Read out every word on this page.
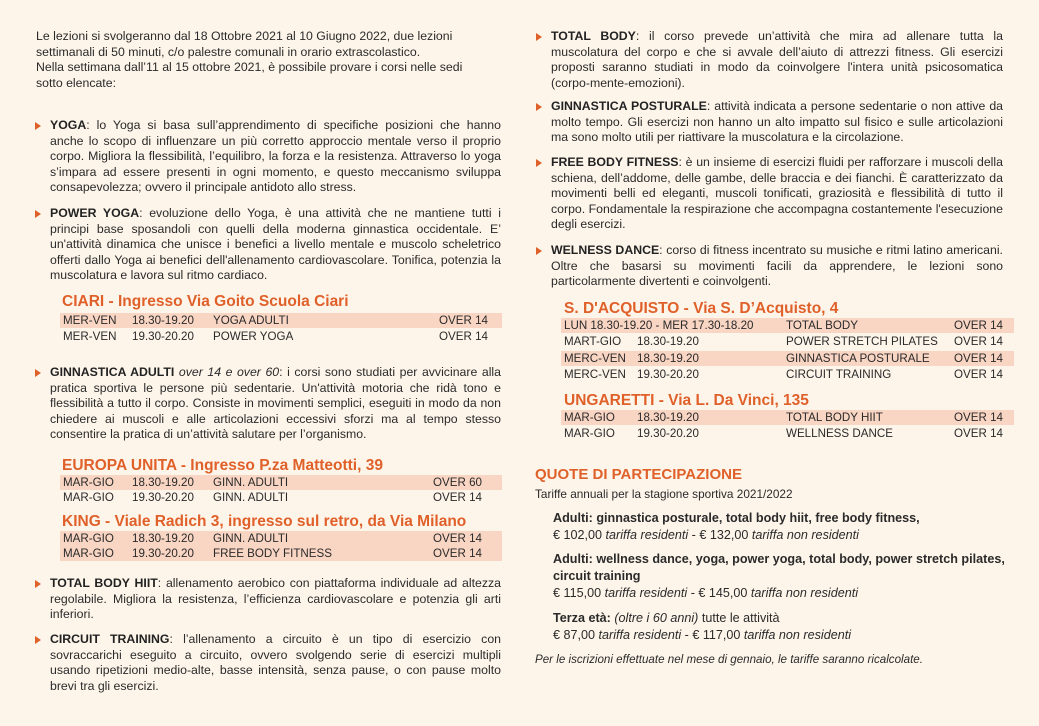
Le lezioni si svolgeranno dal 18 Ottobre 2021 al 10 Giugno 2022, due lezioni

settimanali di 50 minuti, c/o palestre comunali in orario extrascolastico.

Nella settimana dall’11 al 15 ottobre 2021, è possibile provare i corsi nelle sedi

sotto elencate:

YOGA: lo Yoga si basa sull’apprendimento di specifiche posizioni che hanno anche lo scopo di influenzare un più corretto approccio mentale verso il proprio corpo. Migliora la flessibilità, l’equilibro, la forza e la resistenza. Attraverso lo yoga s’impara ad essere presenti in ogni momento, e questo meccanismo sviluppa consapevolezza; ovvero il principale antidoto allo stress.

POWER YOGA: evoluzione dello Yoga, è una attività che ne mantiene tutti i principi base sposandoli con quelli della moderna ginnastica occidentale. E’ un'attività dinamica che unisce i benefici a livello mentale e muscolo scheletrico offerti dallo Yoga ai benefici dell'allenamento cardiovascolare. Tonifica, potenzia la muscolatura e lavora sul ritmo cardiaco.

CIARI - Ingresso Via Goito Scuola Ciari
MER-VEN 18.30-19.20 YOGA ADULTI	OVER 14
MER-VEN 19.30-20.20 POWER YOGA	OVER 14

GINNASTICA ADULTI over 14 e over 60: i corsi sono studiati per avvicinare alla pratica sportiva le persone più sedentarie. Un'attività motoria che ridà tono e flessibilità a tutto il corpo. Consiste in movimenti semplici, eseguiti in modo da non chiedere ai muscoli e alle articolazioni eccessivi sforzi ma al tempo stesso consentire la pratica di un’attività salutare per l’organismo.

EUROPA UNITA - Ingresso P.za Matteotti, 39
MAR-GIO 18.30-19.20 GINN. ADULTI	OVER 60
MAR-GIO 19.30-20.20 GINN. ADULTI	OVER 14
KING - Viale Radich 3, ingresso sul retro, da Via Milano
MAR-GIO 18.30-19.20 GINN. ADULTI	OVER 14
MAR-GIO 19.30-20.20 FREE BODY FITNESS	OVER 14

TOTAL BODY HIIT: allenamento aerobico con piattaforma individuale ad altezza regolabile. Migliora la resistenza, l’efficienza cardiovascolare e potenzia gli arti inferiori.

CIRCUIT TRAINING: l’allenamento a circuito è un tipo di esercizio con sovraccarichi eseguito a circuito, ovvero svolgendo serie di esercizi multipli usando ripetizioni medio-alte, basse intensità, senza pause, o con pause molto brevi tra gli esercizi.

TOTAL BODY: il corso prevede un’attività che mira ad allenare tutta la muscolatura del corpo e che si avvale dell’aiuto di attrezzi fitness. Gli esercizi proposti saranno studiati in modo da coinvolgere l'intera unità psicosomatica (corpo-mente-emozioni).

GINNASTICA POSTURALE: attività indicata a persone sedentarie o non attive da molto tempo. Gli esercizi non hanno un alto impatto sul fisico e sulle articolazioni ma sono molto utili per riattivare la muscolatura e la circolazione.

FREE BODY FITNESS: è un insieme di esercizi fluidi per rafforzare i muscoli della schiena, dell’addome, delle gambe, delle braccia e dei fianchi. È caratterizzato da movimenti belli ed eleganti, muscoli tonificati, graziosità e flessibilità di tutto il corpo. Fondamentale la respirazione che accompagna costantemente l'esecuzione degli esercizi.

WELNESS DANCE: corso di fitness incentrato su musiche e ritmi latino americani. Oltre che basarsi su movimenti facili da apprendere, le lezioni sono particolarmente divertenti e coinvolgenti.

S. D'ACQUISTO - Via S. D’Acquisto, 4
LUN 18.30-19.20 - MER 17.30-18.20	TOTAL BODY	OVER 14
MART-GIO 18.30-19.20	POWER STRETCH PILATES OVER 14
MERC-VEN 18.30-19.20	GINNASTICA POSTURALE OVER 14
MERC-VEN 19.30-20.20	CIRCUIT TRAINING	OVER 14
UNGARETTI - Via L. Da Vinci, 135
MAR-GIO 18.30-19.20	TOTAL BODY HIIT	OVER 14
MAR-GIO 19.30-20.20	WELLNESS DANCE	OVER 14
QUOTE DI PARTECIPAZIONE
Tariffe annuali per la stagione sportiva 2021/2022

Adulti: ginnastica posturale, total body hiit, free body fitness,

€ 102,00 tariffa residenti - € 132,00 tariffa non residenti

Adulti: wellness dance, yoga, power yoga, total body, power stretch pilates, circuit training

€ 115,00 tariffa residenti - € 145,00 tariffa non residenti

Terza età: (oltre i 60 anni) tutte le attività

€ 87,00 tariffa residenti - € 117,00 tariffa non residenti

Per le iscrizioni effettuate nel mese di gennaio, le tariffe saranno ricalcolate.
